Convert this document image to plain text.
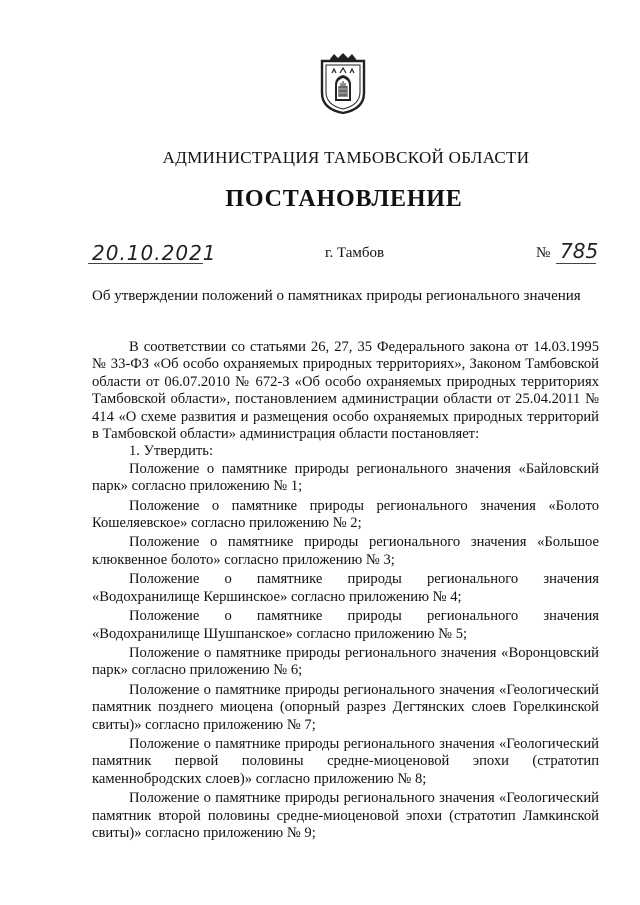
АДМИНИСТРАЦИЯ ТАМБОВСКОЙ ОБЛАСТИ
ПОСТАНОВЛЕНИЕ
20.10.2021	г. Тамбов	№ 785
Об утверждении положений о памятниках природы регионального значения

В соответствии со статьями 26, 27, 35 Федерального закона от 14.03.1995 № 33-ФЗ «Об особо охраняемых природных территориях», Законом Тамбовской области от 06.07.2010 № 672-З «Об особо охраняемых природных территориях Тамбовской области», постановлением администрации области от 25.04.2011 № 414 «О схеме развития и размещения особо охраняемых природных территорий в Тамбовской области» администрация области постановляет:

1. Утвердить:

Положение о памятнике природы регионального значения «Байловский парк» согласно приложению № 1;

Положение о памятнике природы регионального значения «Болото Кошеляевское» согласно приложению № 2;

Положение о памятнике природы регионального значения «Большое клюквенное болото» согласно приложению № 3;

Положение о памятнике природы регионального значения «Водохранилище Кершинское» согласно приложению № 4;

Положение о памятнике природы регионального значения «Водохранилище Шушпанское» согласно приложению № 5;

Положение о памятнике природы регионального значения «Воронцовский парк» согласно приложению № 6;

Положение о памятнике природы регионального значения «Геологический памятник позднего миоцена (опорный разрез Дегтянских слоев Горелкинской свиты)» согласно приложению № 7;

Положение о памятнике природы регионального значения «Геологический памятник первой половины средне-миоценовой эпохи (стратотип каменнобродских слоев)» согласно приложению № 8;

Положение о памятнике природы регионального значения «Геологический памятник второй половины средне-миоценовой эпохи (стратотип Ламкинской свиты)» согласно приложению № 9;
